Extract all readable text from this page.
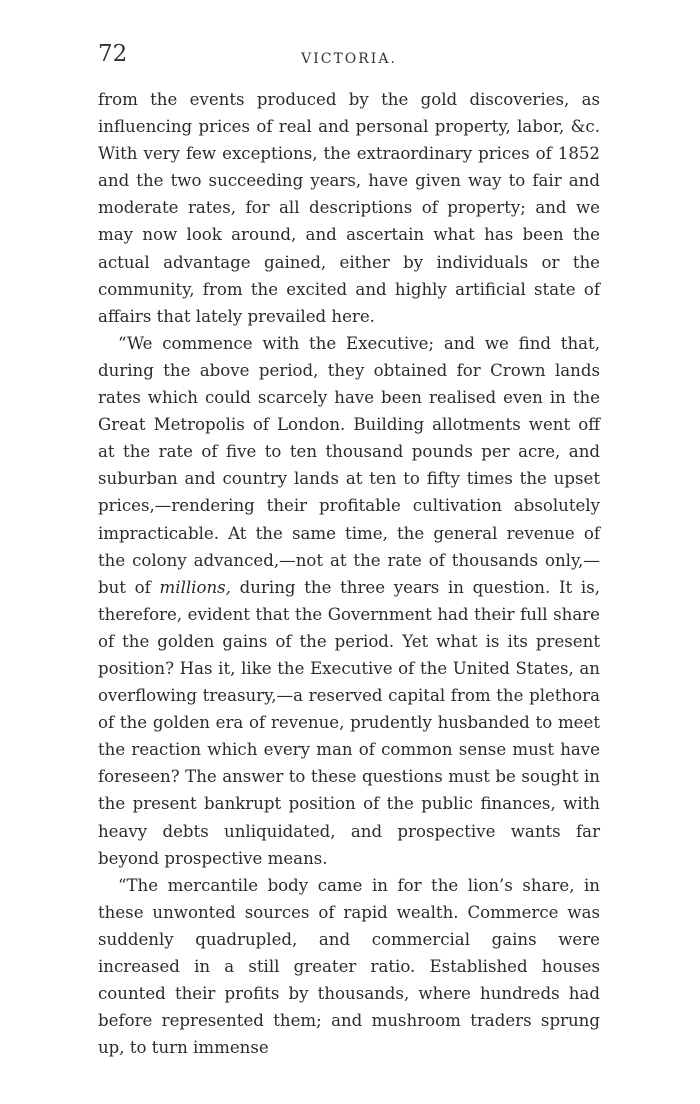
72	VICTORIA.

from the events produced by the gold discoveries, as influencing prices of real and personal property, labor, &c. With very few exceptions, the extraordinary prices of 1852 and the two succeeding years, have given way to fair and moderate rates, for all descriptions of property; and we may now look around, and ascertain what has been the actual advantage gained, either by individuals or the community, from the excited and highly artificial state of affairs that lately prevailed here.

“We commence with the Executive; and we find that, during the above period, they obtained for Crown lands rates which could scarcely have been realised even in the Great Metropolis of London. Building allotments went off at the rate of five to ten thousand pounds per acre, and suburban and country lands at ten to fifty times the upset prices,—rendering their profitable cultivation absolutely impracticable. At the same time, the general revenue of the colony advanced,—not at the rate of thousands only,—but of millions, during the three years in question. It is, therefore, evident that the Government had their full share of the golden gains of the period. Yet what is its present position? Has it, like the Executive of the United States, an overflowing treasury,—a reserved capital from the plethora of the golden era of revenue, prudently husbanded to meet the reaction which every man of common sense must have foreseen? The answer to these questions must be sought in the present bankrupt position of the public finances, with heavy debts unliquidated, and prospective wants far beyond prospective means.

“The mercantile body came in for the lion’s share, in these unwonted sources of rapid wealth. Commerce was suddenly quadrupled, and commercial gains were increased in a still greater ratio. Established houses counted their profits by thousands, where hundreds had before represented them; and mushroom traders sprung up, to turn immense
